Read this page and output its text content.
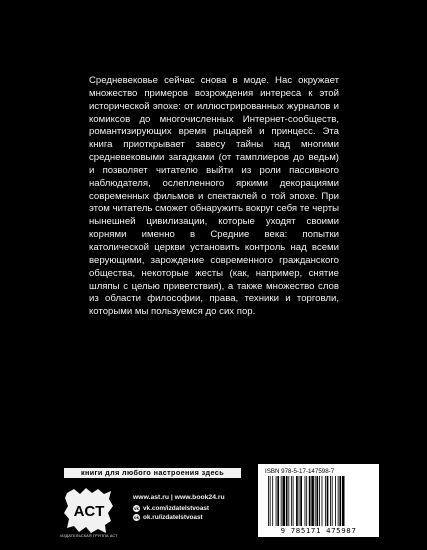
Средневековье сейчас снова в моде. Нас окружает множество примеров возрождения интереса к этой исторической эпохе: от иллюстрированных журналов и комиксов до многочисленных Интернет-сообществ, романтизирующих время рыцарей и принцесс. Эта книга приоткрывает завесу тайны над многими средневековыми загадками (от тамплиеров до ведьм) и позволяет читателю выйти из роли пассивного наблюдателя, ослепленного яркими декорациями современных фильмов и спектаклей о той эпохе. При этом читатель сможет обнаружить вокруг себя те черты нынешней цивилизации, которые уходят своими корнями именно в Средние века: попытки католической церкви установить контроль над всеми верующими, зарождение современного гражданского общества, некоторые жесты (как, например, снятие шляпы с целью приветствия), а также множество слов из области философии, права, техники и торговли, которыми мы пользуемся до сих пор.

книги для любого настроения здесь
ACT
ИЗДАТЕЛЬСКАЯ ГРУППА АСТ
www.ast.ru | www.book24.ru
vk vk.com/izdatelstvoast
ok ok.ru/izdatelstvoast
ISBN 978-5-17-147598-7
9 785171 475987
